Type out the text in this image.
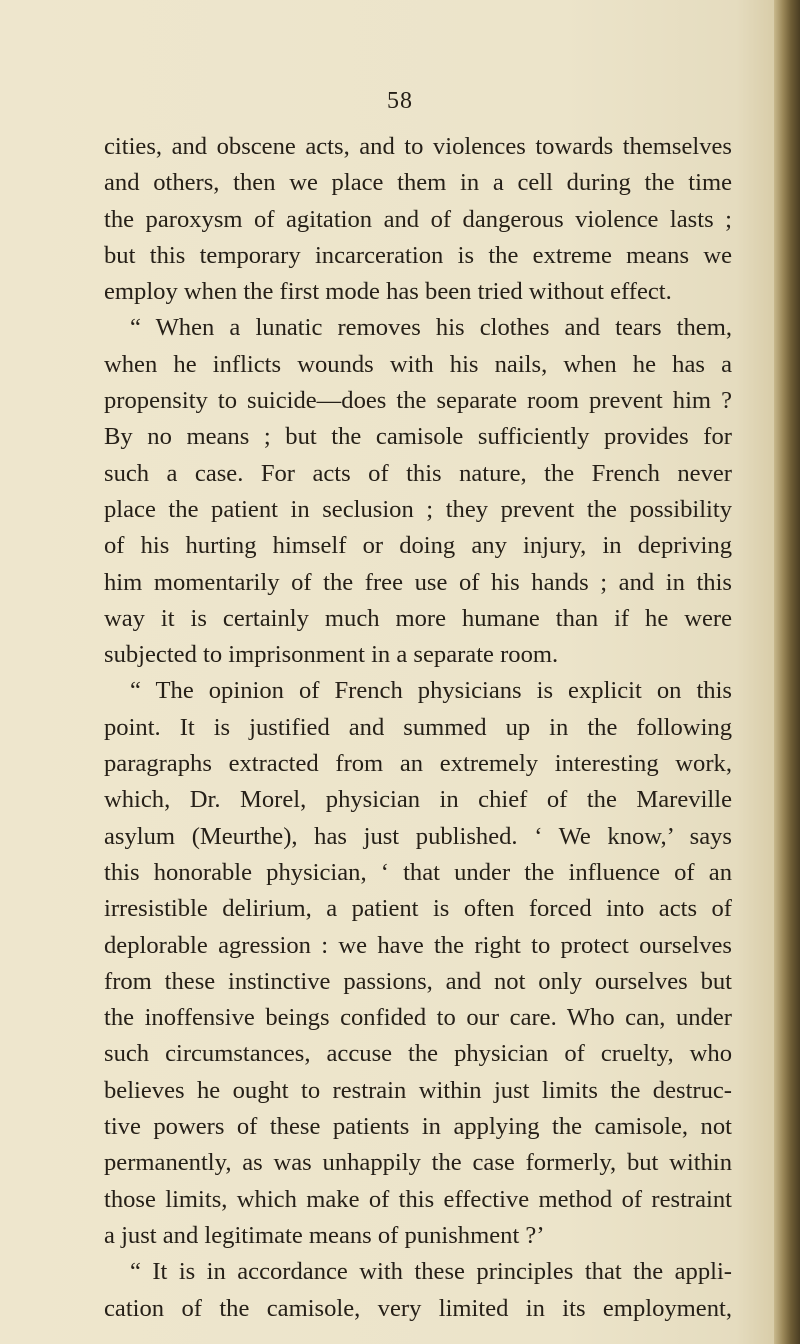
58
cities, and obscene acts, and to violences towards themselves
and others, then we place them in a cell during the time
the paroxysm of agitation and of dangerous violence lasts ;
but this temporary incarceration is the extreme means we
employ when the first mode has been tried without effect.
“ When a lunatic removes his clothes and tears them,
when he inflicts wounds with his nails, when he has a
propensity to suicide—does the separate room prevent him ?
By no means ; but the camisole sufficiently provides for
such a case. For acts of this nature, the French never
place the patient in seclusion ; they prevent the possibility
of his hurting himself or doing any injury, in depriving
him momentarily of the free use of his hands ; and in this
way it is certainly much more humane than if he were
subjected to imprisonment in a separate room.
“ The opinion of French physicians is explicit on this
point. It is justified and summed up in the following
paragraphs extracted from an extremely interesting work,
which, Dr. Morel, physician in chief of the Mareville
asylum (Meurthe), has just published. ‘ We know,’ says
this honorable physician, ‘ that under the influence of an
irresistible delirium, a patient is often forced into acts of
deplorable agression : we have the right to protect ourselves
from these instinctive passions, and not only ourselves but
the inoffensive beings confided to our care. Who can, under
such circumstances, accuse the physician of cruelty, who
believes he ought to restrain within just limits the destruc-
tive powers of these patients in applying the camisole, not
permanently, as was unhappily the case formerly, but within
those limits, which make of this effective method of restraint
a just and legitimate means of punishment ?’
“ It is in accordance with these principles that the appli-
cation of the camisole, very limited in its employment,
